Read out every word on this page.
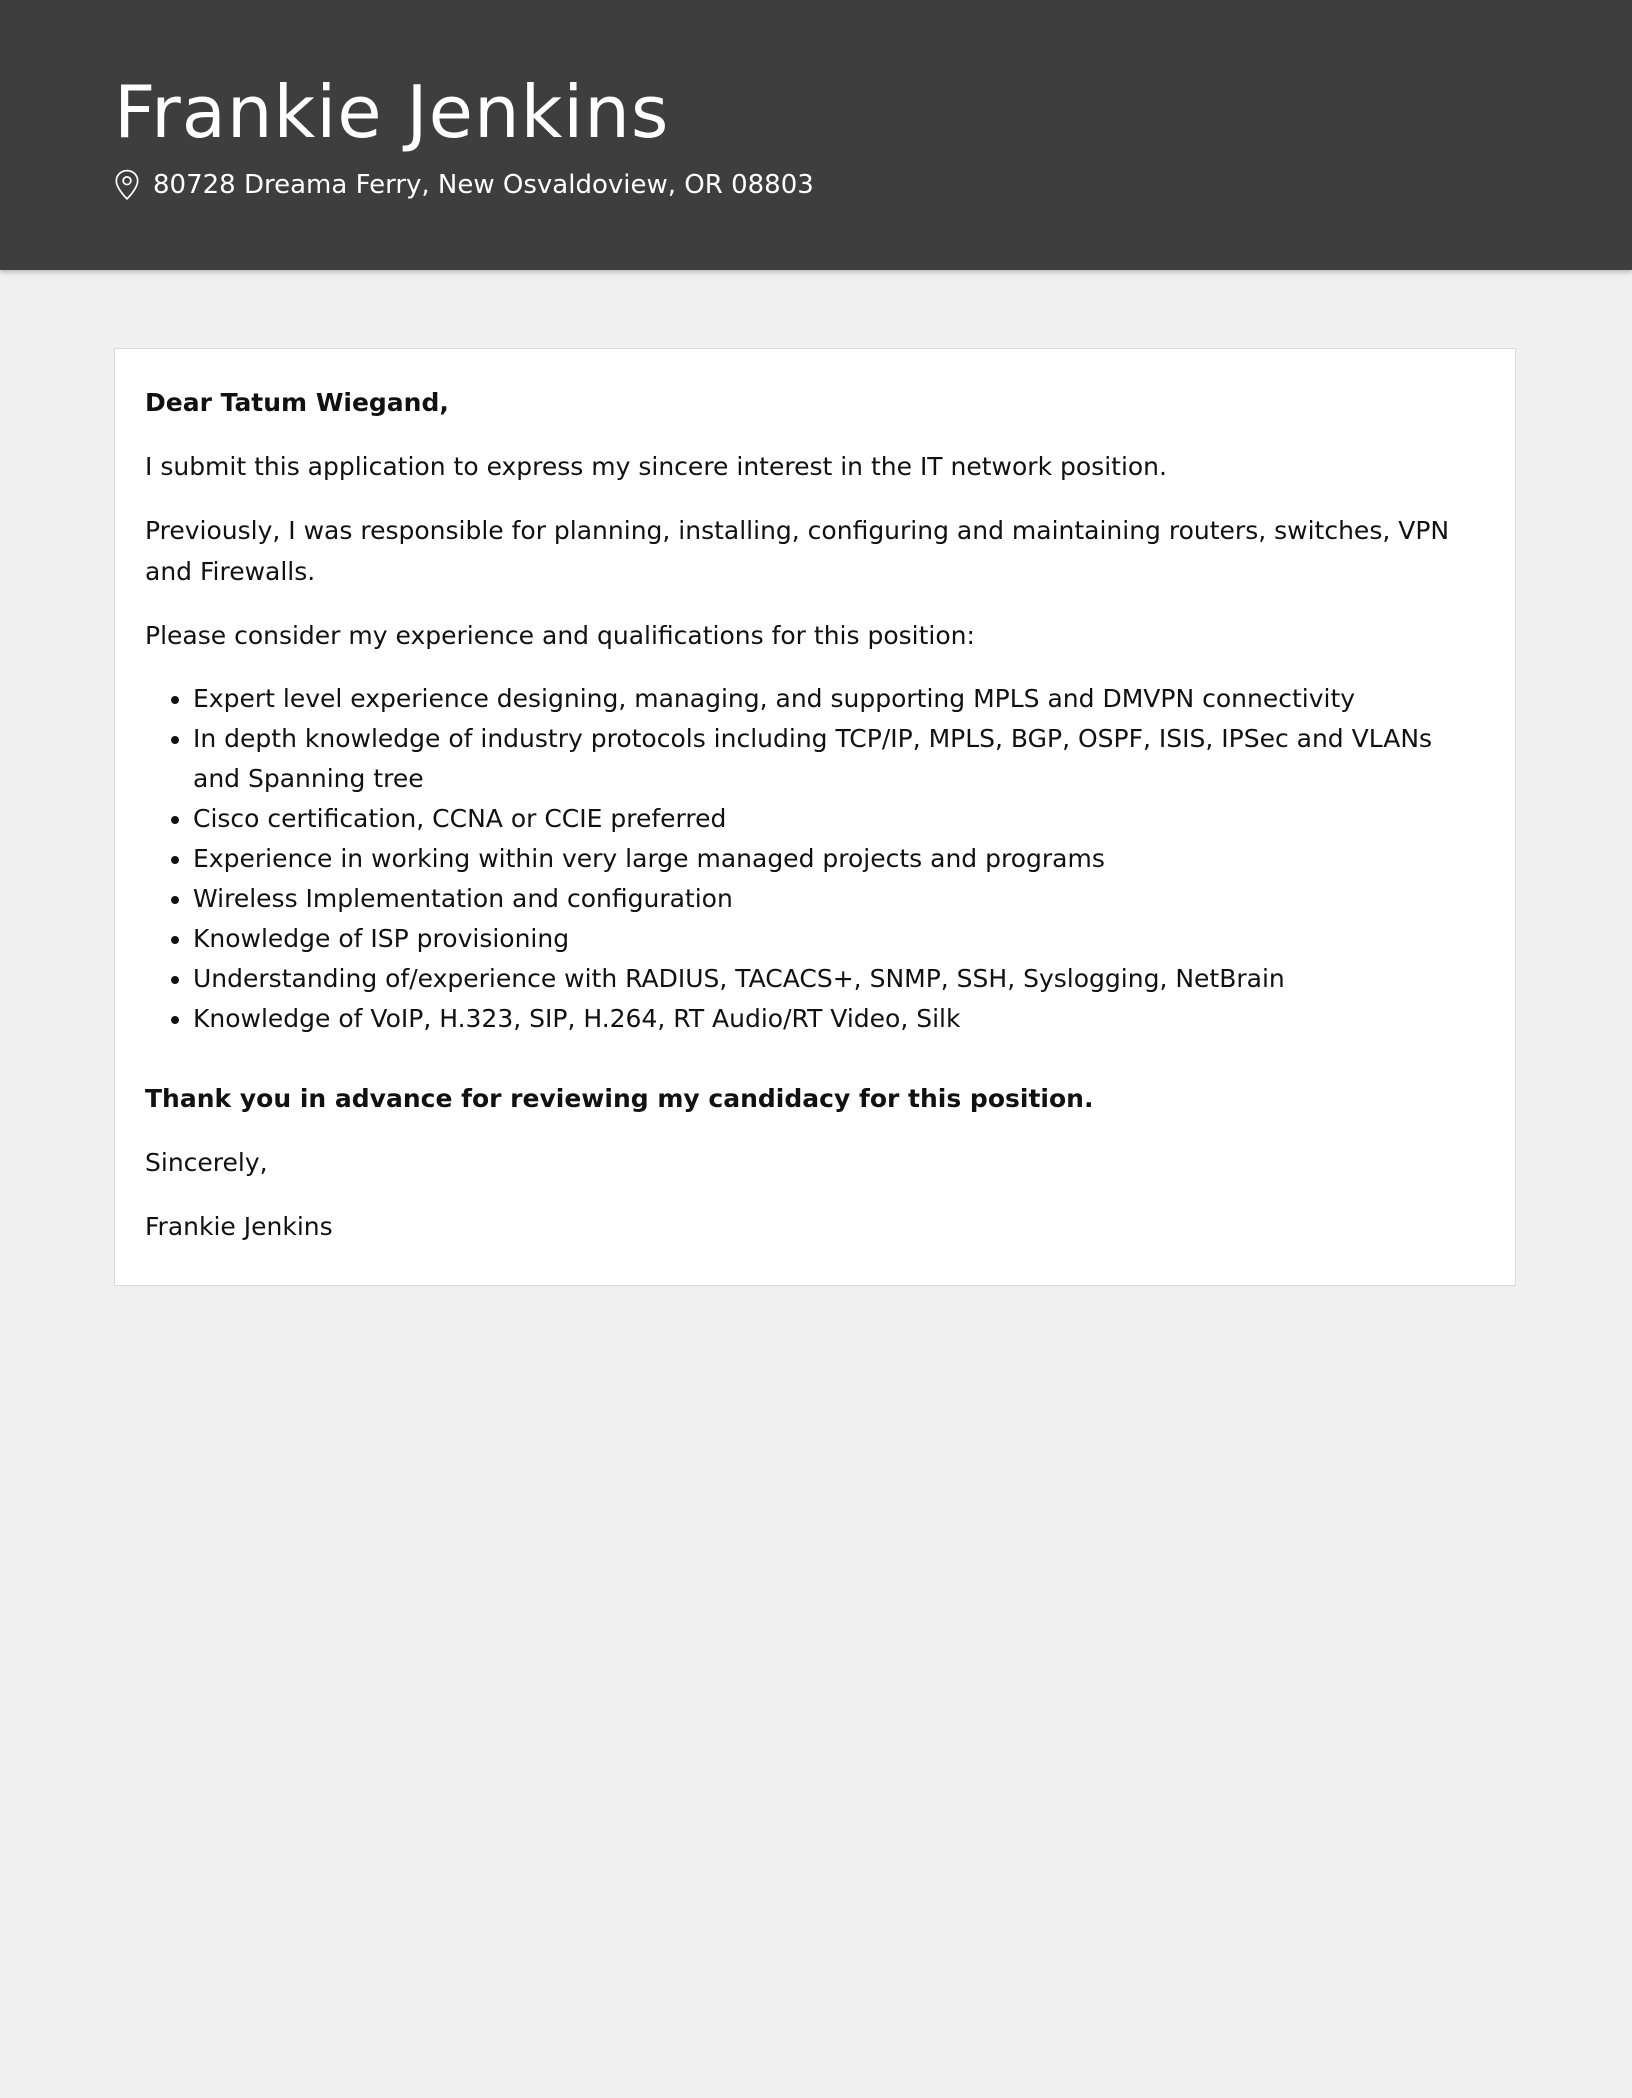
Frankie Jenkins
80728 Dreama Ferry, New Osvaldoview, OR 08803

Dear Tatum Wiegand,

I submit this application to express my sincere interest in the IT network position.

Previously, I was responsible for planning, installing, configuring and maintaining routers, switches, VPN and Firewalls.

Please consider my experience and qualifications for this position:

• Expert level experience designing, managing, and supporting MPLS and DMVPN connectivity
• In depth knowledge of industry protocols including TCP/IP, MPLS, BGP, OSPF, ISIS, IPSec and VLANs and Spanning tree
• Cisco certification, CCNA or CCIE preferred
• Experience in working within very large managed projects and programs
• Wireless Implementation and configuration
• Knowledge of ISP provisioning
• Understanding of/experience with RADIUS, TACACS+, SNMP, SSH, Syslogging, NetBrain
• Knowledge of VoIP, H.323, SIP, H.264, RT Audio/RT Video, Silk

Thank you in advance for reviewing my candidacy for this position.

Sincerely,

Frankie Jenkins
